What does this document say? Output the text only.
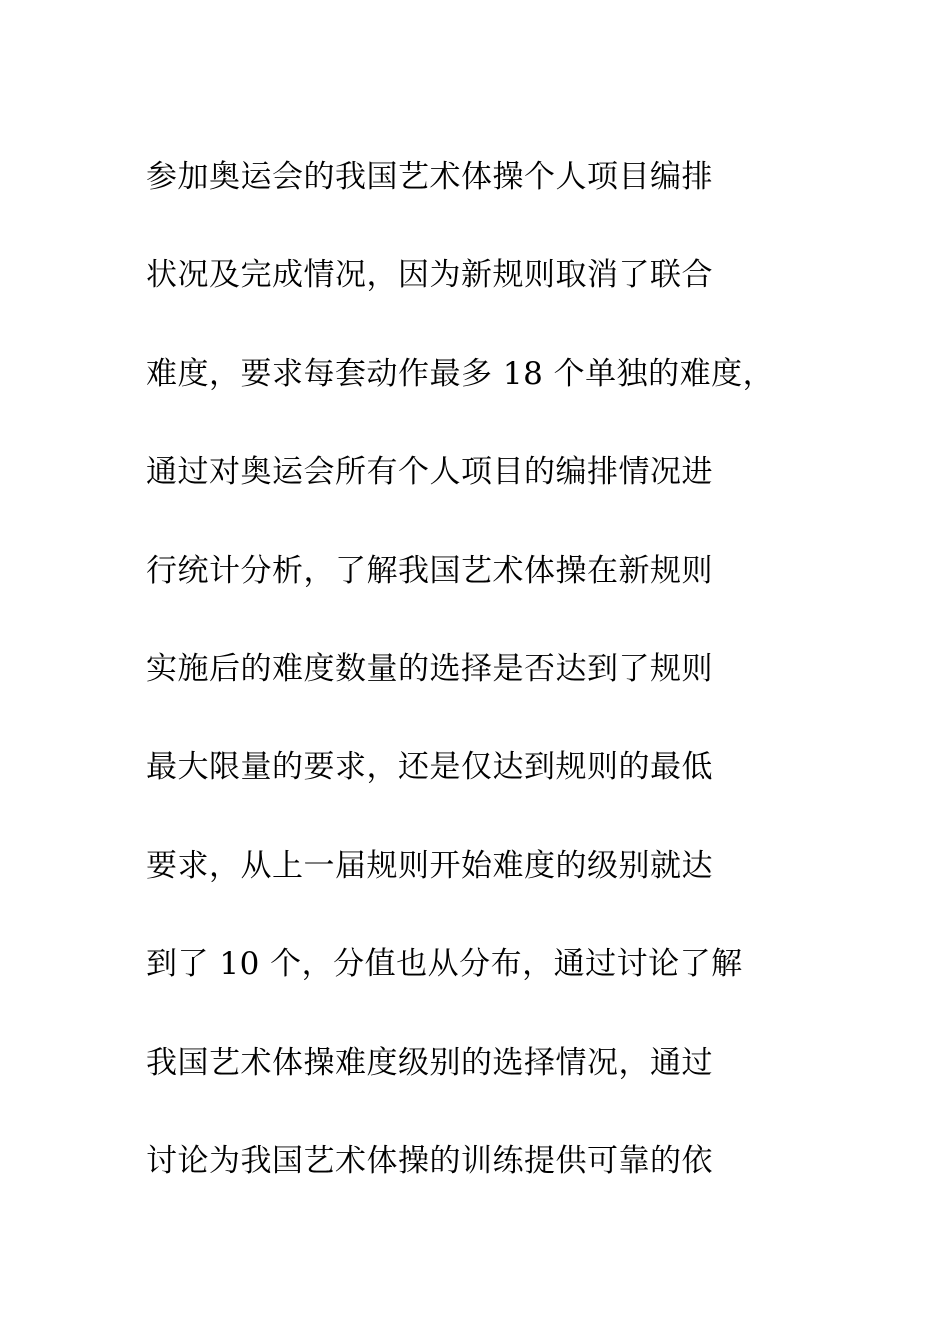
参加奥运会的我国艺术体操个人项目编排
状况及完成情况，因为新规则取消了联合
难度，要求每套动作最多 18 个单独的难度，
通过对奥运会所有个人项目的编排情况进
行统计分析，了解我国艺术体操在新规则
实施后的难度数量的选择是否达到了规则
最大限量的要求，还是仅达到规则的最低
要求，从上一届规则开始难度的级别就达
到了 10 个，分值也从分布，通过讨论了解
我国艺术体操难度级别的选择情况，通过
讨论为我国艺术体操的训练提供可靠的依
